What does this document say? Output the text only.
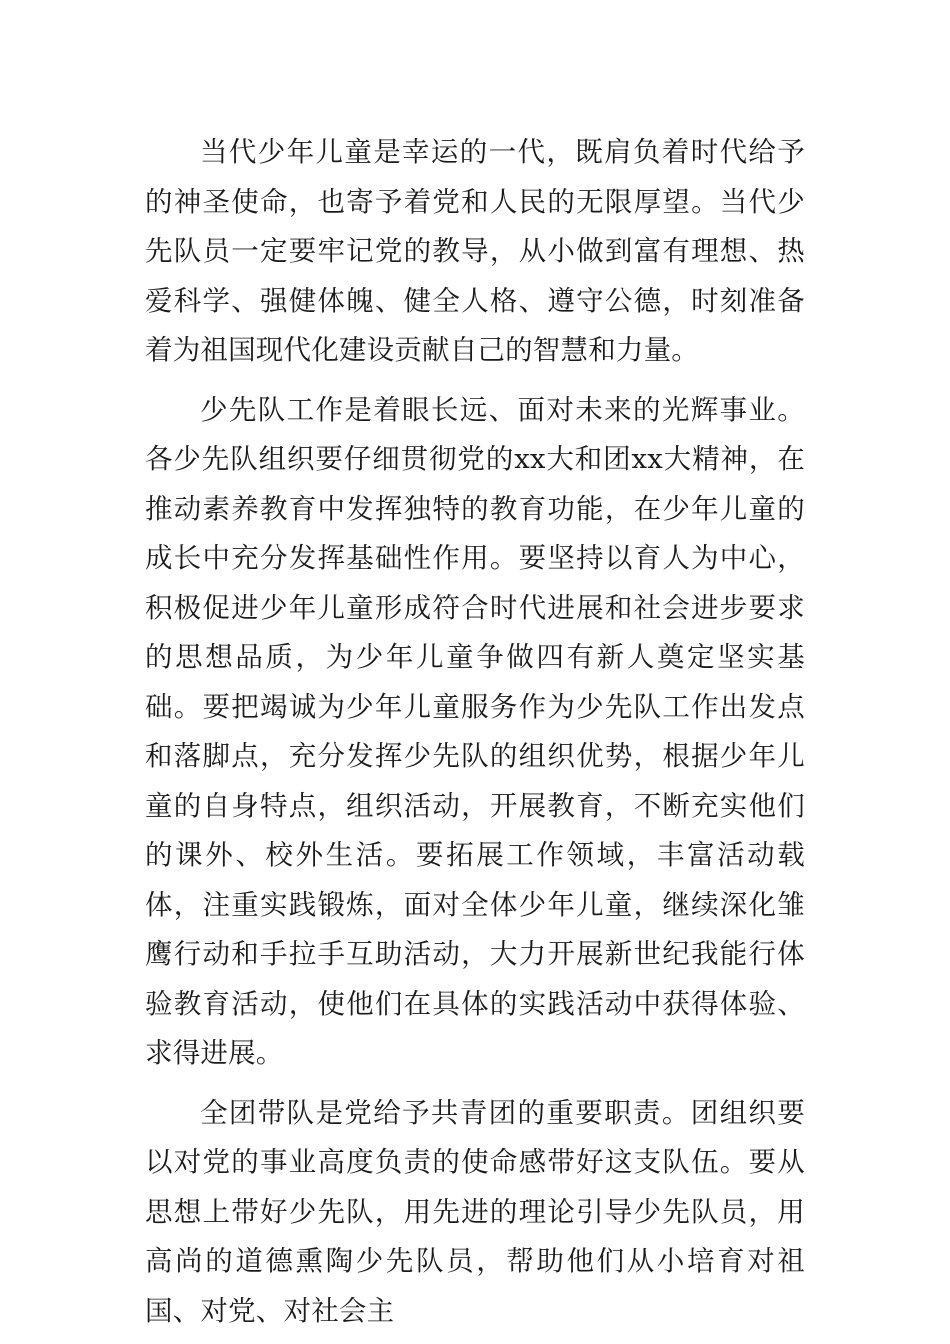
当代少年儿童是幸运的一代，既肩负着时代给予的神圣使命，也寄予着党和人民的无限厚望。当代少先队员一定要牢记党的教导，从小做到富有理想、热爱科学、强健体魄、健全人格、遵守公德，时刻准备着为祖国现代化建设贡献自己的智慧和力量。

少先队工作是着眼长远、面对未来的光辉事业。各少先队组织要仔细贯彻党的xx大和团xx大精神，在推动素养教育中发挥独特的教育功能，在少年儿童的成长中充分发挥基础性作用。要坚持以育人为中心，积极促进少年儿童形成符合时代进展和社会进步要求的思想品质，为少年儿童争做四有新人奠定坚实基础。要把竭诚为少年儿童服务作为少先队工作出发点和落脚点，充分发挥少先队的组织优势，根据少年儿童的自身特点，组织活动，开展教育，不断充实他们的课外、校外生活。要拓展工作领域，丰富活动载体，注重实践锻炼，面对全体少年儿童，继续深化雏鹰行动和手拉手互助活动，大力开展新世纪我能行体验教育活动，使他们在具体的实践活动中获得体验、求得进展。

全团带队是党给予共青团的重要职责。团组织要以对党的事业高度负责的使命感带好这支队伍。要从思想上带好少先队，用先进的理论引导少先队员，用高尚的道德熏陶少先队员，帮助他们从小培育对祖国、对党、对社会主
